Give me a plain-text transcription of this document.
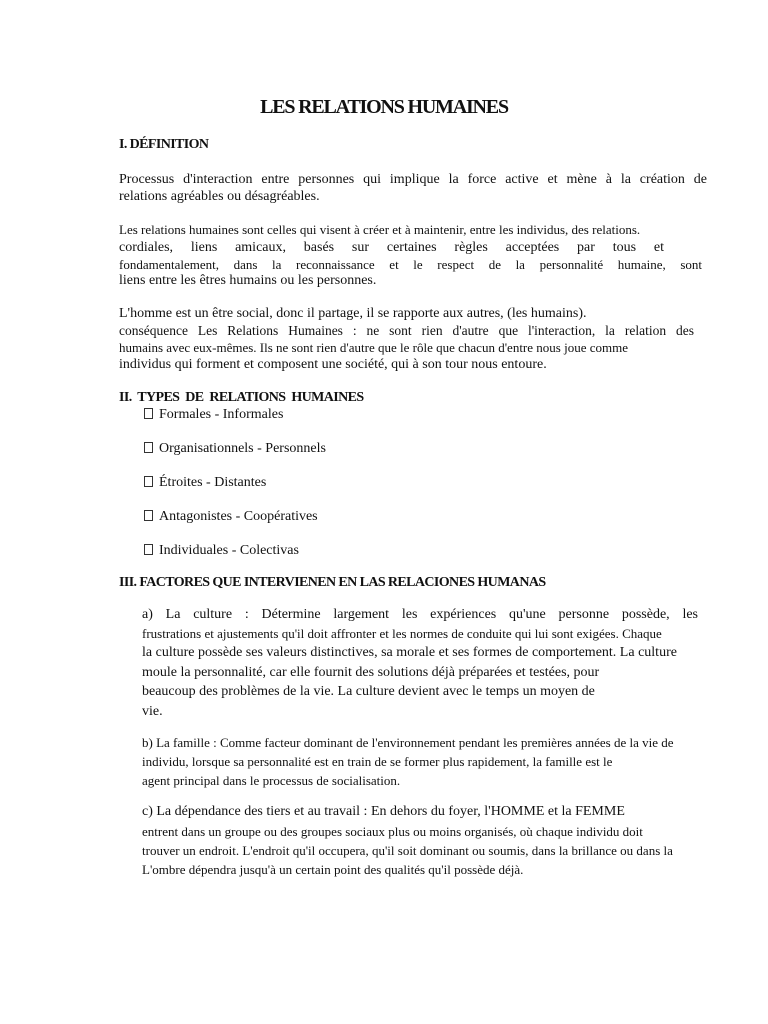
LES RELATIONS HUMAINES
I. DÉFINITION
Processus d'interaction entre personnes qui implique la force active et mène à la création de
relations agréables ou désagréables.
Les relations humaines sont celles qui visent à créer et à maintenir, entre les individus, des relations.
cordiales, liens amicaux, basés sur certaines règles acceptées par tous et
fondamentalement, dans la reconnaissance et le respect de la personnalité humaine, sont
liens entre les êtres humains ou les personnes.
L'homme est un être social, donc il partage, il se rapporte aux autres, (les humains).
conséquence Les Relations Humaines : ne sont rien d'autre que l'interaction, la relation des
humains avec eux-mêmes. Ils ne sont rien d'autre que le rôle que chacun d'entre nous joue comme
individus qui forment et composent une société, qui à son tour nous entoure.
II. TYPES DE RELATIONS HUMAINES
Formales - Informales
Organisationnels - Personnels
Étroites - Distantes
Antagonistes - Coopératives
Individuales - Colectivas
III. FACTORES QUE INTERVIENEN EN LAS RELACIONES HUMANAS
a) La culture : Détermine largement les expériences qu'une personne possède, les
frustrations et ajustements qu'il doit affronter et les normes de conduite qui lui sont exigées. Chaque
la culture possède ses valeurs distinctives, sa morale et ses formes de comportement. La culture
moule la personnalité, car elle fournit des solutions déjà préparées et testées, pour
beaucoup des problèmes de la vie. La culture devient avec le temps un moyen de
vie.
b) La famille : Comme facteur dominant de l'environnement pendant les premières années de la vie de
individu, lorsque sa personnalité est en train de se former plus rapidement, la famille est le
agent principal dans le processus de socialisation.
c) La dépendance des tiers et au travail : En dehors du foyer, l'HOMME et la FEMME
entrent dans un groupe ou des groupes sociaux plus ou moins organisés, où chaque individu doit
trouver un endroit. L'endroit qu'il occupera, qu'il soit dominant ou soumis, dans la brillance ou dans la
L'ombre dépendra jusqu'à un certain point des qualités qu'il possède déjà.
